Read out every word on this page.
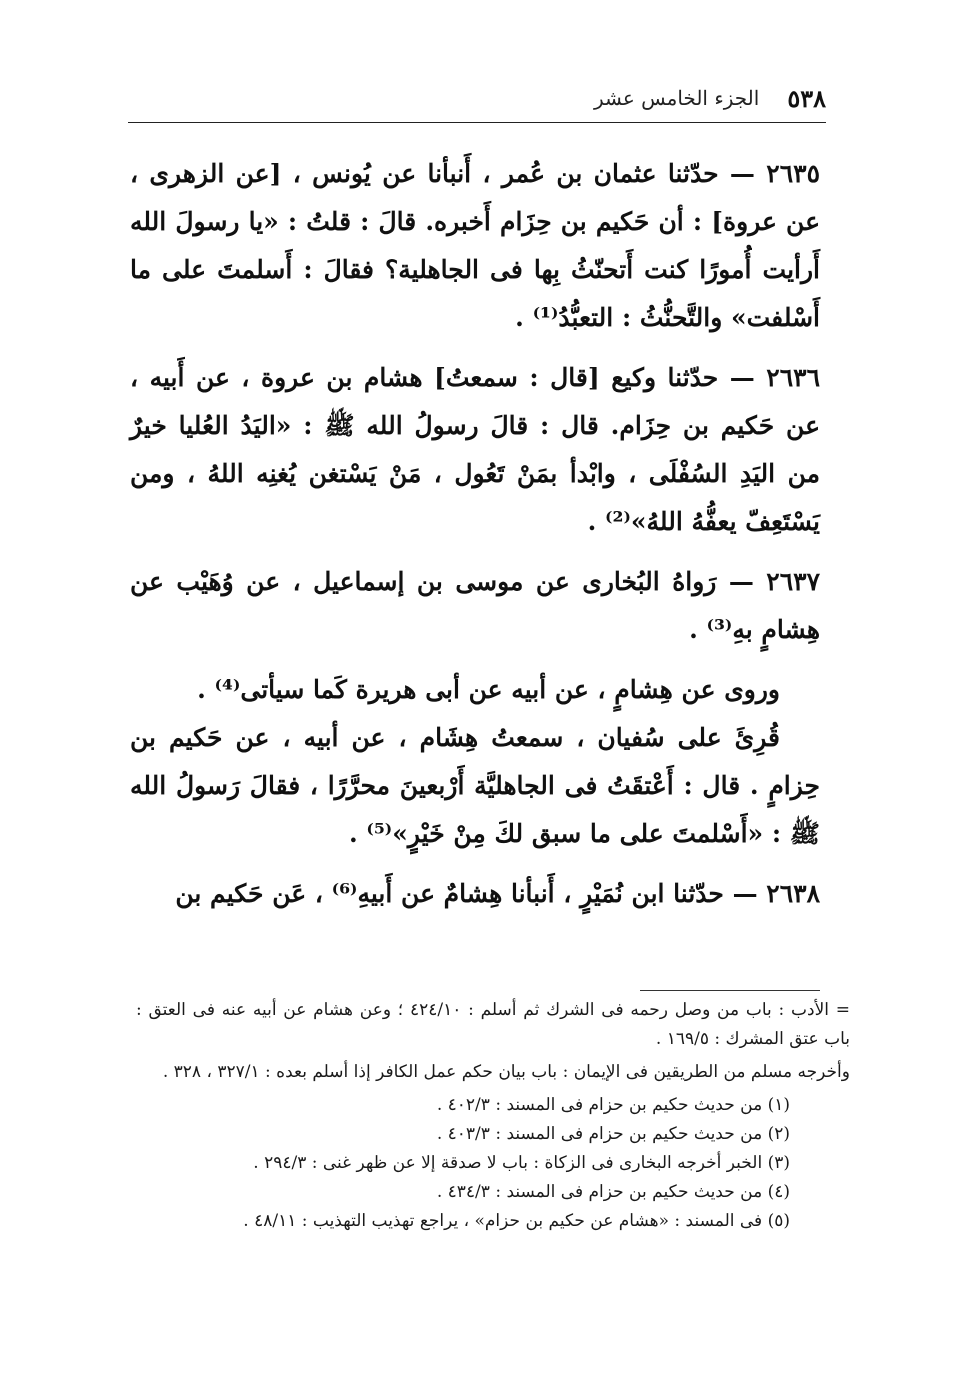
٥٣٨
الجزء الخامس عشر

٢٦٣٥ — حدّثنا عثمان بن عُمر ، أَنبأنا عن يُونس ، [عن الزهرى ، عن عروة] : أن حَكيم بن حِزَام أَخبره. قالَ : قلتُ : «يا رسولَ الله أَرأيت أُمورًا كنت أَتحنّثُ بِها فى الجاهلية؟ فقالَ : أَسلمتَ على ما أَسْلفت» والتَّحنُّثُ : التعبُّدُ⁽¹⁾ .

٢٦٣٦ — حدّثنا وكيع [قال : سمعتُ] هشام بن عروة ، عن أَبيه ، عن حَكيم بن حِزَام. قال : قالَ رسولُ الله ﷺ : «اليَدُ العُليا خيرٌ من اليَدِ السُفْلَى ، وابْدأ بمَنْ تَعُول ، مَنْ يَسْتغن يُغنِه اللهُ ، ومن يَسْتَعِفّ يعفُّهُ اللهُ»⁽²⁾ .

٢٦٣٧ — رَواهُ البُخارى عن موسى بن إسماعيل ، عن وُهَيْب عن هِشامٍ بهِ⁽³⁾ .

وروى عن هِشامٍ ، عن أبيه عن أبى هريرة كَما سيأتى⁽⁴⁾ .

قُرِئَ على سُفيان ، سمعتُ هِشَام ، عن أبيه ، عن حَكيم بن حِزامٍ . قال : أَعْتقَتُ فى الجاهليَّة أَرْبعينَ محرَّرًا ، فقالَ رَسولُ الله ﷺ : «أَسْلمتَ على ما سبق لكَ مِنْ خَيْرٍ»⁽⁵⁾ .

٢٦٣٨ — حدّثنا ابن نُمَيْرٍ ، أَنبأنا هِشامٌ عن أَبيهِ⁽⁶⁾ ، عَن حَكيم بن

= الأدب : باب من وصل رحمه فى الشرك ثم أسلم : ٤٢٤/١٠ ؛ وعن هشام عن أبيه عنه فى العتق : باب عتق المشرك : ١٦٩/٥ .

وأخرجه مسلم من الطريقين فى الإيمان : باب بيان حكم عمل الكافر إذا أسلم بعده : ٣٢٧/١ ، ٣٢٨ .

(١) من حديث حكيم بن حزام فى المسند : ٤٠٢/٣ .

(٢) من حديث حكيم بن حزام فى المسند : ٤٠٣/٣ .

(٣) الخبر أخرجه البخارى فى الزكاة : باب لا صدقة إلا عن ظهر غنى : ٢٩٤/٣ .

(٤) من حديث حكيم بن حزام فى المسند : ٤٣٤/٣ .

(٥) فى المسند : «هشام عن حكيم بن حزام» ، يراجع تهذيب التهذيب : ٤٨/١١ .
